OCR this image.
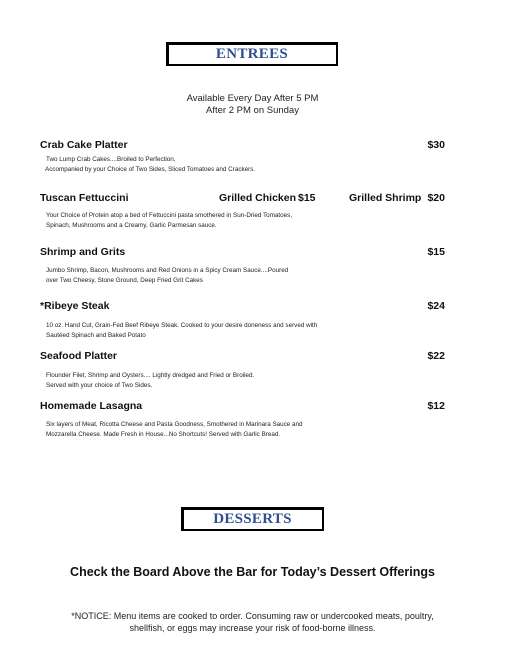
ENTREES
Available Every Day After 5 PM
After 2 PM on Sunday
Crab Cake Platter	$30
Two Lump Crab Cakes....Broiled to Perfection,
Accompanied by your Choice of Two Sides, Sliced Tomatoes and Crackers.
Tuscan Fettuccini	Grilled Chicken $15	Grilled Shrimp $20
Your Choice of Protein atop a bed of Fettuccini pasta smothered in Sun-Dried Tomatoes,
Spinach, Mushrooms and a Creamy, Garlic Parmesan sauce.
Shrimp and Grits	$15
Jumbo Shrimp, Bacon, Mushrooms and Red Onions in a Spicy Cream Sauce....Poured
over Two Cheesy, Stone Ground, Deep Fried Grit Cakes
*Ribeye Steak	$24
10 oz. Hand Cut, Grain-Fed Beef Ribeye Steak. Cooked to your desire doneness and served with
Sautéed Spinach and Baked Potato
Seafood Platter	$22
Flounder Filet, Shrimp and Oysters.... Lightly dredged and Fried or Broiled.
Served with your choice of Two Sides.
Homemade Lasagna	$12
Six layers of Meat, Ricotta Cheese and Pasta Goodness, Smothered in Marinara Sauce and
Mozzarella Cheese. Made Fresh in House...No Shortcuts! Served with Garlic Bread.
DESSERTS
Check the Board Above the Bar for Today’s Dessert Offerings
*NOTICE: Menu items are cooked to order. Consuming raw or undercooked meats, poultry,
shellfish, or eggs may increase your risk of food-borne illness.
